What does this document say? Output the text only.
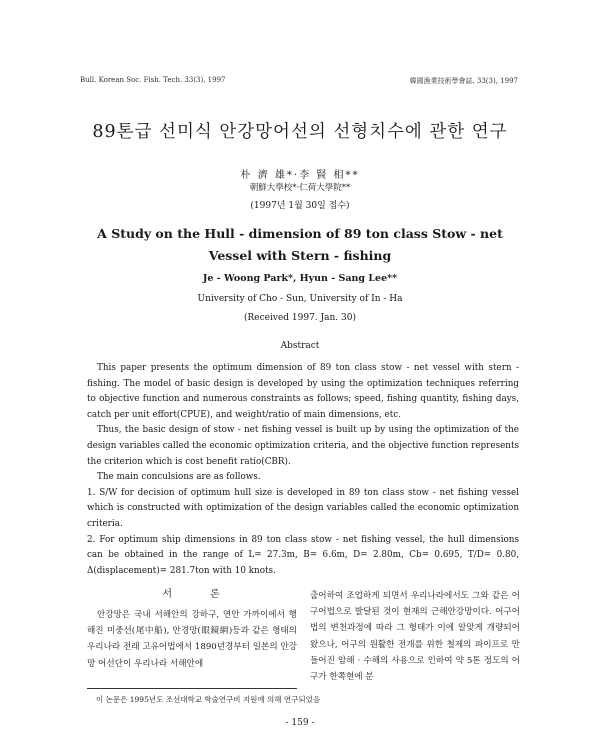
Bull. Korean Soc. Fish. Tech. 33(3), 1997	韓國漁業技術學會誌, 33(3), 1997
89톤급 선미식 안강망어선의 선형치수에 관한 연구
朴 濟 雄*·李 賢 相**
朝鮮大學校*·仁荷大學院**
(1997년 1월 30일 접수)
A Study on the Hull - dimension of 89 ton class Stow - net Vessel with Stern - fishing
Je - Woong Park*, Hyun - Sang Lee**
University of Cho - Sun, University of In - Ha
(Received 1997. Jan. 30)
Abstract

This paper presents the optimum dimension of 89 ton class stow - net vessel with stern - fishing. The model of basic design is developed by using the optimization techniques referring to objective function and numerous constraints as follows; speed, fishing quantity, fishing days, catch per unit effort(CPUE), and weight/ratio of main dimensions, etc.

Thus, the basic design of stow - net fishing vessel is built up by using the optimization of the design variables called the economic optimization criteria, and the objective function represents the criterion which is cost benefit ratio(CBR).

The main conculsions are as follows.

1. S/W for decision of optimum hull size is developed in 89 ton class stow - net fishing vessel which is constructed with optimization of the design variables called the economic optimization criteria.

2. For optimum ship dimensions in 89 ton class stow - net fishing vessel, the hull dimensions can be obtained in the range of L= 27.3m, B= 6.6m, D= 2.80m, Cb= 0.695, T/D= 0.80, Δ(displacement)= 281.7ton with 10 knots.

서	론

안강망은 국내 서해안의 강하구, 연안 가까이에서 행해진 미중선(尾中船), 안경망(眼鏡網)등과 같은 형태의 우리나라 전래 고유어법에서 1890년경부터 일본의 안강망 어선단이 우리나라 서해안에

출어하여 조업하게 되면서 우리나라에서도 그와 같은 어구어법으로 발달된 것이 현재의 근해안강망이다. 어구어법의 변천과정에 따라 그 형태가 이에 알맞게 개량되어 왔으나, 어구의 원활한 전개를 위한 철제의 파이프로 만들어진 암해 · 수해의 사용으로 인하여 약 5톤 정도의 어구가 한쪽현에 분

이 논문은 1995년도 조선대학교 학술연구비 지원에 의해 연구되었음
- 159 -
